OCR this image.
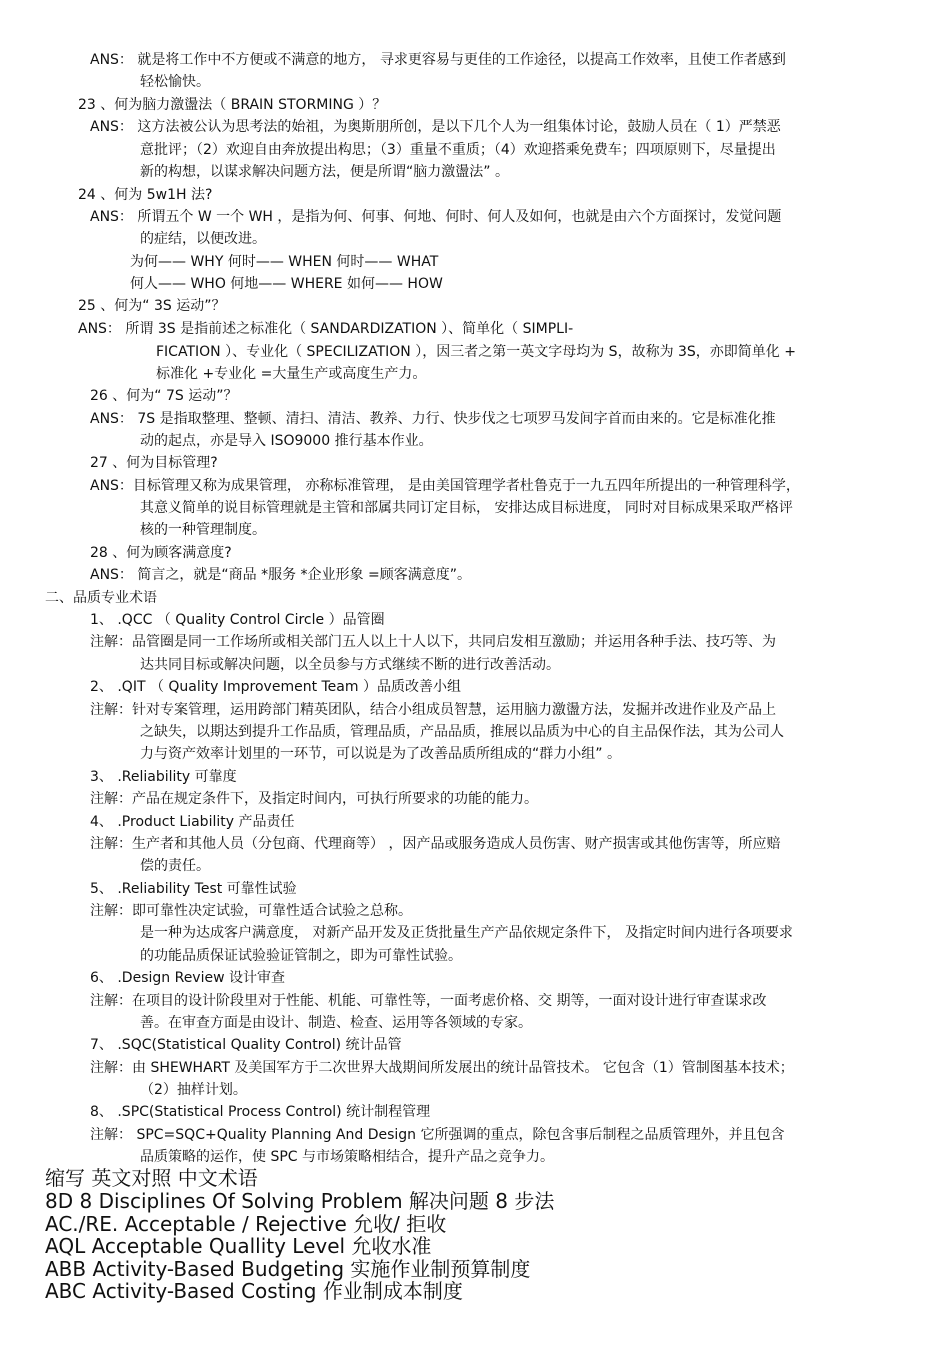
ANS： 就是将工作中不方便或不满意的地方， 寻求更容易与更佳的工作途径，以提高工作效率，且使工作者感到
轻松愉快。
23 、何为脑力激盪法（ BRAIN STORMING ）？
ANS： 这方法被公认为思考法的始祖，为奥斯朋所创，是以下几个人为一组集体讨论，鼓励人员在（ 1）严禁恶
意批评；（2）欢迎自由奔放提出构思；（3）重量不重质；（4）欢迎搭乘免费车；四项原则下，尽量提出
新的构想，以谋求解决问题方法，便是所谓“脑力激盪法” 。
24 、何为 5w1H 法?
ANS： 所谓五个 W 一个 WH ，是指为何、何事、何地、何时、何人及如何，也就是由六个方面探讨，发觉问题
的症结，以便改进。
为何—— WHY 何时—— WHEN 何时—— WHAT
何人—— WHO 何地—— WHERE 如何—— HOW
25 、何为“ 3S 运动”？
ANS： 所谓 3S 是指前述之标准化（ SANDARDIZATION ）、简单化（ SIMPLI-
FICATION ）、专业化（ SPECILIZATION ），因三者之第一英文字母均为 S，故称为 3S，亦即简单化 +
标准化 +专业化 =大量生产或高度生产力。
26 、何为“ 7S 运动”？
ANS： 7S 是指取整理、整顿、清扫、清洁、教养、力行、快步伐之七项罗马发间字首而由来的。它是标准化推
动的起点，亦是导入 ISO9000 推行基本作业。
27 、何为目标管理?
ANS：目标管理又称为成果管理， 亦称标准管理， 是由美国管理学者杜鲁克于一九五四年所提出的一种管理科学，
其意义简单的说目标管理就是主管和部属共同订定目标， 安排达成目标进度， 同时对目标成果采取严格评
核的一种管理制度。
28 、何为顾客满意度?
ANS： 简言之，就是“商品 *服务 *企业形象 =顾客满意度”。
二、品质专业术语
1、 .QCC （ Quality Control Circle ）品管圈
注解：品管圈是同一工作场所或相关部门五人以上十人以下，共同启发相互激励；并运用各种手法、技巧等、为
达共同目标或解决问题，以全员参与方式继续不断的进行改善活动。
2、 .QIT （ Quality Improvement Team ）品质改善小组
注解：针对专案管理，运用跨部门精英团队，结合小组成员智慧，运用脑力激盪方法，发掘并改进作业及产品上
之缺失，以期达到提升工作品质，管理品质，产品品质，推展以品质为中心的自主品保作法，其为公司人
力与资产效率计划里的一环节，可以说是为了改善品质所组成的“群力小组” 。
3、 .Reliability 可靠度
注解：产品在规定条件下，及指定时间内，可执行所要求的功能的能力。
4、 .Product Liability 产品责任
注解：生产者和其他人员（分包商、代理商等） ，因产品或服务造成人员伤害、财产损害或其他伤害等，所应赔
偿的责任。
5、 .Reliability Test 可靠性试验
注解：即可靠性决定试验，可靠性适合试验之总称。
是一种为达成客户满意度， 对新产品开发及正货批量生产产品依规定条件下， 及指定时间内进行各项要求
的功能品质保证试验验证管制之，即为可靠性试验。
6、 .Design Review 设计审查
注解：在项目的设计阶段里对于性能、机能、可靠性等，一面考虑价格、交 期等，一面对设计进行审查谋求改
善。在审查方面是由设计、制造、检查、运用等各领域的专家。
7、 .SQC(Statistical Quality Control) 统计品管
注解：由 SHEWHART 及美国军方于二次世界大战期间所发展出的统计品管技术。 它包含（1）管制图基本技术；
（2）抽样计划。
8、 .SPC(Statistical Process Control) 统计制程管理
注解： SPC=SQC+Quality Planning And Design 它所强调的重点，除包含事后制程之品质管理外，并且包含
品质策略的运作，使 SPC 与市场策略相结合，提升产品之竞争力。
缩写 英文对照 中文术语
8D 8 Disciplines Of Solving Problem 解决问题 8 步法
AC./RE. Acceptable / Rejective 允收/ 拒收
AQL Acceptable Quallity Level 允收水准
ABB Activity-Based Budgeting 实施作业制预算制度
ABC Activity-Based Costing 作业制成本制度
